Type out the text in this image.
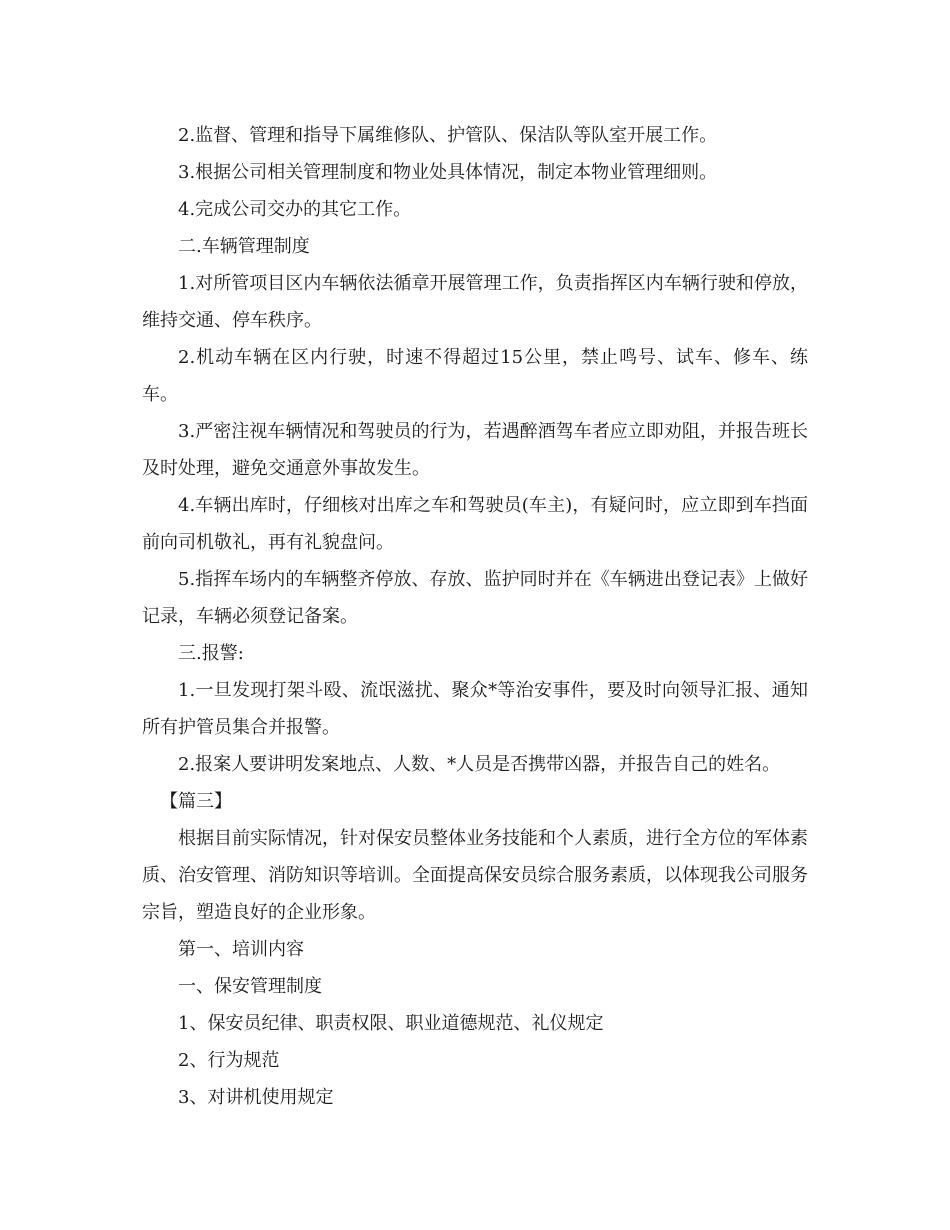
2.监督、管理和指导下属维修队、护管队、保洁队等队室开展工作。

3.根据公司相关管理制度和物业处具体情况，制定本物业管理细则。

4.完成公司交办的其它工作。

二.车辆管理制度

1.对所管项目区内车辆依法循章开展管理工作，负责指挥区内车辆行驶和停放，维持交通、停车秩序。

2.机动车辆在区内行驶，时速不得超过15公里，禁止鸣号、试车、修车、练车。

3.严密注视车辆情况和驾驶员的行为，若遇醉酒驾车者应立即劝阻，并报告班长及时处理，避免交通意外事故发生。

4.车辆出库时，仔细核对出库之车和驾驶员(车主)，有疑问时，应立即到车挡面前向司机敬礼，再有礼貌盘问。

5.指挥车场内的车辆整齐停放、存放、监护同时并在《车辆进出登记表》上做好记录，车辆必须登记备案。

三.报警:

1.一旦发现打架斗殴、流氓滋扰、聚众*等治安事件，要及时向领导汇报、通知所有护管员集合并报警。

2.报案人要讲明发案地点、人数、*人员是否携带凶器，并报告自己的姓名。

【篇三】

根据目前实际情况，针对保安员整体业务技能和个人素质，进行全方位的军体素质、治安管理、消防知识等培训。全面提高保安员综合服务素质，以体现我公司服务宗旨，塑造良好的企业形象。

第一、培训内容

一、保安管理制度

1、保安员纪律、职责权限、职业道德规范、礼仪规定

2、行为规范

3、对讲机使用规定
